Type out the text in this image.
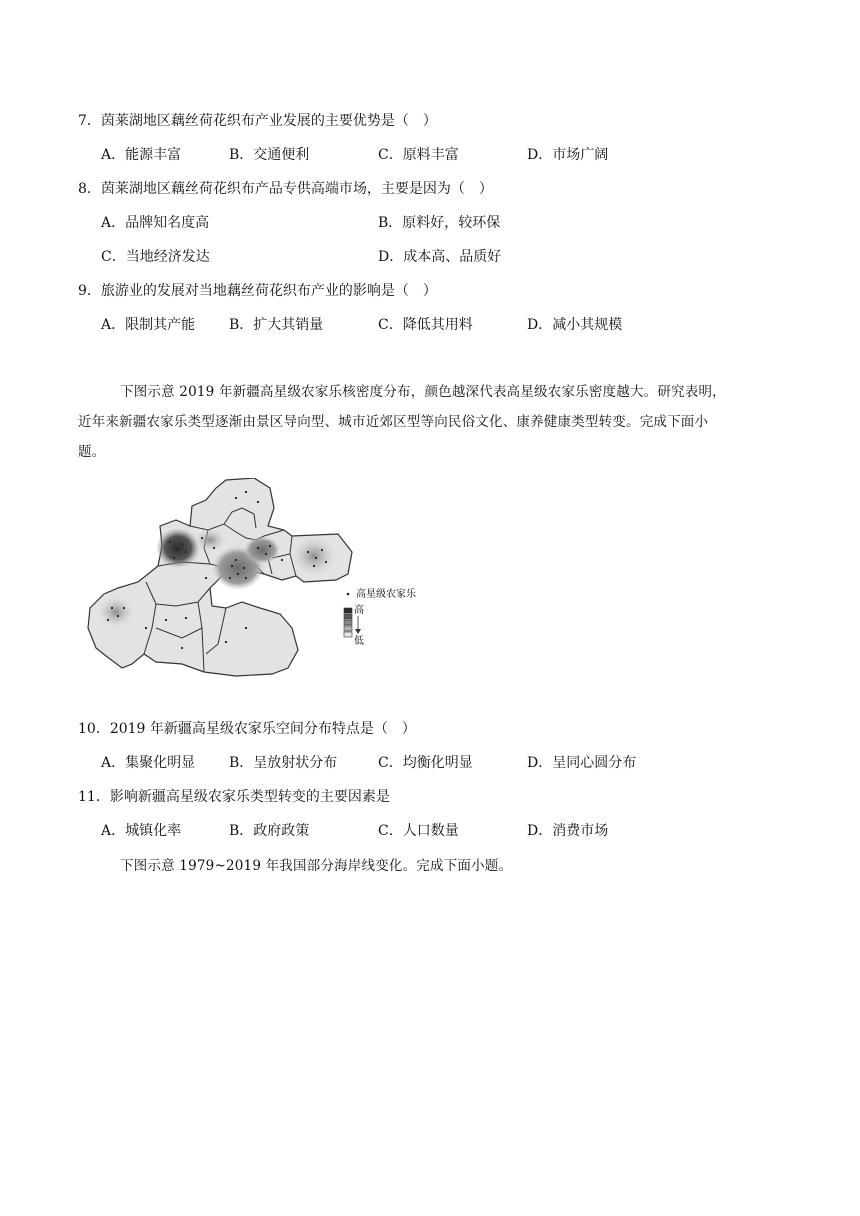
7．茵莱湖地区藕丝荷花织布产业发展的主要优势是（　）
A．能源丰富	B．交通便利	C．原料丰富	D．市场广阔
8．茵莱湖地区藕丝荷花织布产品专供高端市场，主要是因为（　）
A．品牌知名度高	B．原料好，较环保
C．当地经济发达	D．成本高、品质好
9．旅游业的发展对当地藕丝荷花织布产业的影响是（　）
A．限制其产能 B．扩大其销量	C．降低其用料	D．减小其规模
下图示意 2019 年新疆高星级农家乐核密度分布，颜色越深代表高星级农家乐密度越大。研究表明，
近年来新疆农家乐类型逐渐由景区导向型、城市近郊区型等向民俗文化、康养健康类型转变。完成下面小
题。
高星级农家乐
高
低
10．2019 年新疆高星级农家乐空间分布特点是（　）
A．集聚化明显 B．呈放射状分布	C．均衡化明显	D．呈同心圆分布
11．影响新疆高星级农家乐类型转变的主要因素是
A．城镇化率	B．政府政策	C．人口数量	D．消费市场
下图示意 1979~2019 年我国部分海岸线变化。完成下面小题。
